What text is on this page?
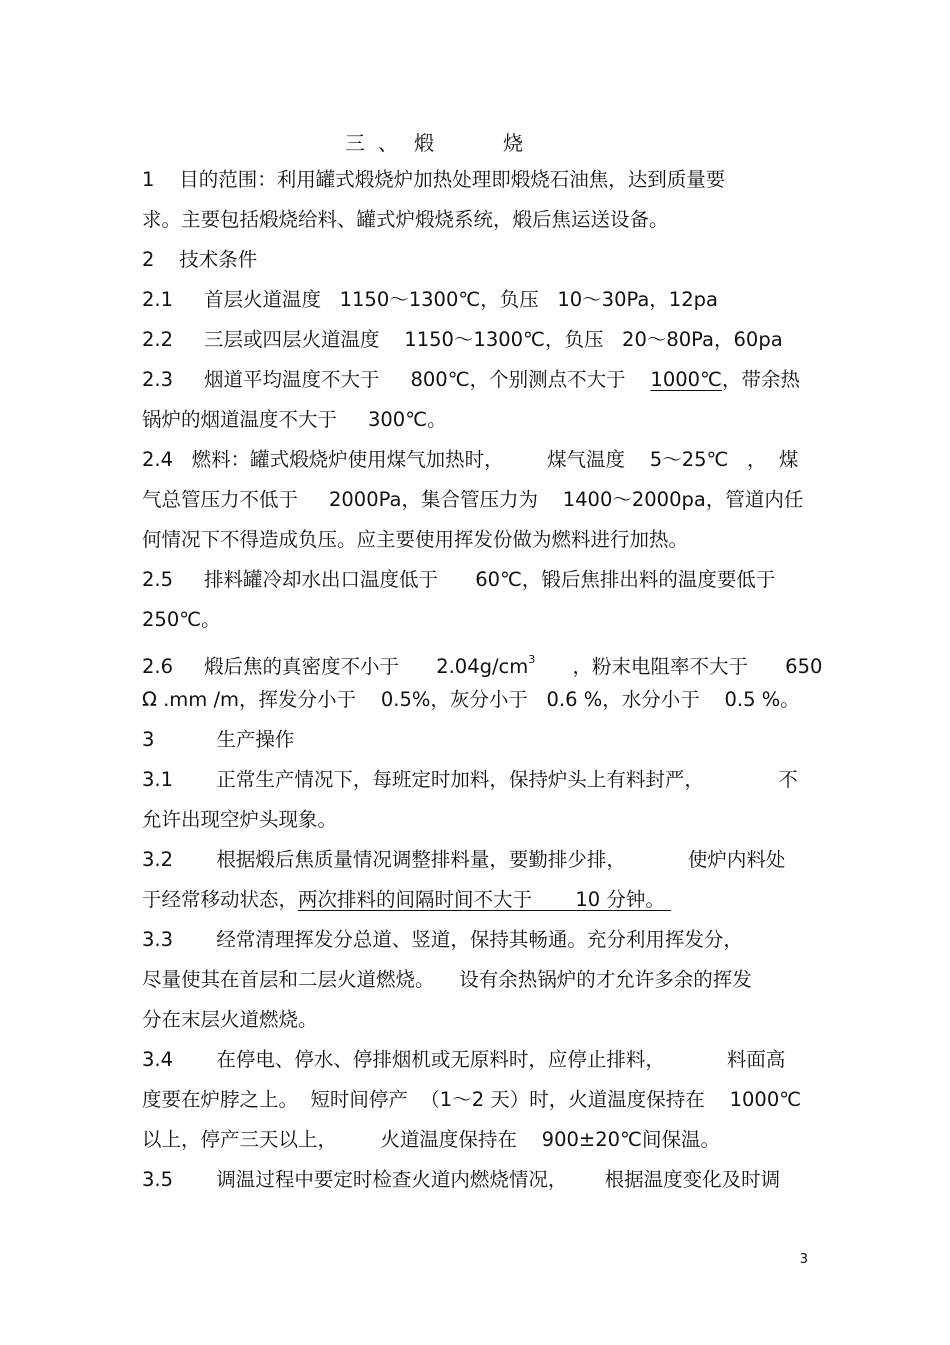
三 、 煅	烧
1    目的范围：利用罐式煅烧炉加热处理即煅烧石油焦，达到质量要
求。主要包括煅烧给料、罐式炉煅烧系统，煅后焦运送设备。
2    技术条件
2.1     首层火道温度   1150～1300℃，负压   10～30Pa，12pa
2.2     三层或四层火道温度    1150～1300℃，负压   20～80Pa，60pa
2.3     烟道平均温度不大于     800℃，个别测点不大于    1000℃，带余热
锅炉的烟道温度不大于     300℃。
2.4   燃料：罐式煅烧炉使用煤气加热时，       煤气温度    5～25℃   ，  煤
气总管压力不低于     2000Pa，集合管压力为    1400～2000pa，管道内任
何情况下不得造成负压。应主要使用挥发份做为燃料进行加热。
2.5     排料罐冷却水出口温度低于      60℃，锻后焦排出料的温度要低于
250℃。
2.6     煅后焦的真密度不小于      $2.04g/cm^3$      ，粉末电阻率不大于      650
Ω .mm /m，挥发分小于    0.5%，灰分小于   0.6 %，水分小于    0.5 %。
3          生产操作
3.1       正常生产情况下，每班定时加料，保持炉头上有料封严，            不
允许出现空炉头现象。
3.2       根据煅后焦质量情况调整排料量，要勤排少排，          使炉内料处
于经常移动状态，两次排料的间隔时间不大于       10 分钟。
3.3       经常清理挥发分总道、竖道，保持其畅通。充分利用挥发分，
尽量使其在首层和二层火道燃烧。    设有余热锅炉的才允许多余的挥发
分在末层火道燃烧。
3.4       在停电、停水、停排烟机或无原料时，应停止排料，          料面高
度要在炉脖之上。  短时间停产  （1～2 天）时，火道温度保持在    1000℃
以上，停产三天以上，       火道温度保持在    900±20℃间保温。
3.5       调温过程中要定时检查火道内燃烧情况，      根据温度变化及时调
3
